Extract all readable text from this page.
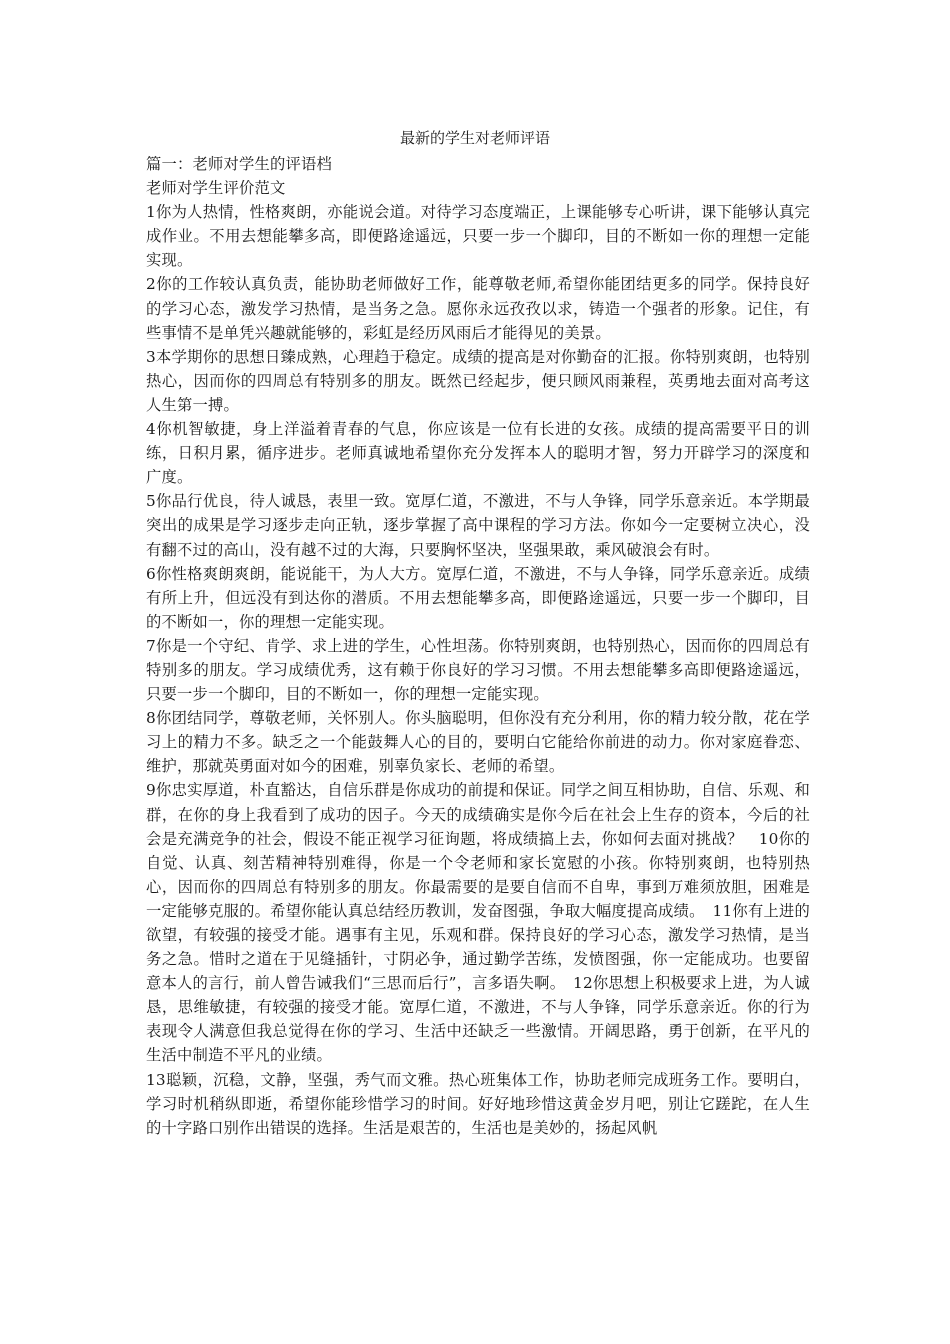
最新的学生对老师评语

篇一：老师对学生的评语档

老师对学生评价范文

1你为人热情，性格爽朗，亦能说会道。对待学习态度端正，上课能够专心听讲，课下能够认真完成作业。不用去想能攀多高，即便路途遥远，只要一步一个脚印，目的不断如一你的理想一定能实现。

2你的工作较认真负责，能协助老师做好工作，能尊敬老师,希望你能团结更多的同学。保持良好的学习心态，激发学习热情，是当务之急。愿你永远孜孜以求，铸造一个强者的形象。记住，有些事情不是单凭兴趣就能够的，彩虹是经历风雨后才能得见的美景。

3本学期你的思想日臻成熟，心理趋于稳定。成绩的提高是对你勤奋的汇报。你特别爽朗，也特别热心，因而你的四周总有特别多的朋友。既然已经起步，便只顾风雨兼程，英勇地去面对高考这人生第一搏。

4你机智敏捷，身上洋溢着青春的气息，你应该是一位有长进的女孩。成绩的提高需要平日的训练，日积月累，循序进步。老师真诚地希望你充分发挥本人的聪明才智，努力开辟学习的深度和广度。

5你品行优良，待人诚恳，表里一致。宽厚仁道，不激进，不与人争锋，同学乐意亲近。本学期最突出的成果是学习逐步走向正轨，逐步掌握了高中课程的学习方法。你如今一定要树立决心，没有翻不过的高山，没有越不过的大海，只要胸怀坚决，坚强果敢，乘风破浪会有时。

6你性格爽朗爽朗，能说能干，为人大方。宽厚仁道，不激进，不与人争锋，同学乐意亲近。成绩有所上升，但远没有到达你的潜质。不用去想能攀多高，即便路途遥远，只要一步一个脚印，目的不断如一，你的理想一定能实现。

7你是一个守纪、肯学、求上进的学生，心性坦荡。你特别爽朗，也特别热心，因而你的四周总有特别多的朋友。学习成绩优秀，这有赖于你良好的学习习惯。不用去想能攀多高即便路途遥远，只要一步一个脚印，目的不断如一，你的理想一定能实现。

8你团结同学，尊敬老师，关怀别人。你头脑聪明，但你没有充分利用，你的精力较分散，花在学习上的精力不多。缺乏之一个能鼓舞人心的目的，要明白它能给你前进的动力。你对家庭眷恋、维护，那就英勇面对如今的困难，别辜负家长、老师的希望。

9你忠实厚道，朴直豁达，自信乐群是你成功的前提和保证。同学之间互相协助，自信、乐观、和群，在你的身上我看到了成功的因子。今天的成绩确实是你今后在社会上生存的资本，今后的社会是充满竞争的社会，假设不能正视学习征询题，将成绩搞上去，你如何去面对挑战？　10你的自觉、认真、刻苦精神特别难得，你是一个令老师和家长宽慰的小孩。你特别爽朗，也特别热心，因而你的四周总有特别多的朋友。你最需要的是要自信而不自卑，事到万难须放胆，困难是一定能够克服的。希望你能认真总结经历教训，发奋图强，争取大幅度提高成绩。　11你有上进的欲望，有较强的接受才能。遇事有主见，乐观和群。保持良好的学习心态，激发学习热情，是当务之急。惜时之道在于见缝插针，寸阴必争，通过勤学苦练，发愤图强，你一定能成功。也要留意本人的言行，前人曾告诫我们“三思而后行”，言多语失啊。　12你思想上积极要求上进，为人诚恳，思维敏捷，有较强的接受才能。宽厚仁道，不激进，不与人争锋，同学乐意亲近。你的行为表现令人满意但我总觉得在你的学习、生活中还缺乏一些激情。开阔思路，勇于创新，在平凡的生活中制造不平凡的业绩。

13聪颖，沉稳，文静，坚强，秀气而文雅。热心班集体工作，协助老师完成班务工作。要明白，学习时机稍纵即逝，希望你能珍惜学习的时间。好好地珍惜这黄金岁月吧，别让它蹉跎，在人生的十字路口别作出错误的选择。生活是艰苦的，生活也是美妙的，扬起风帆
